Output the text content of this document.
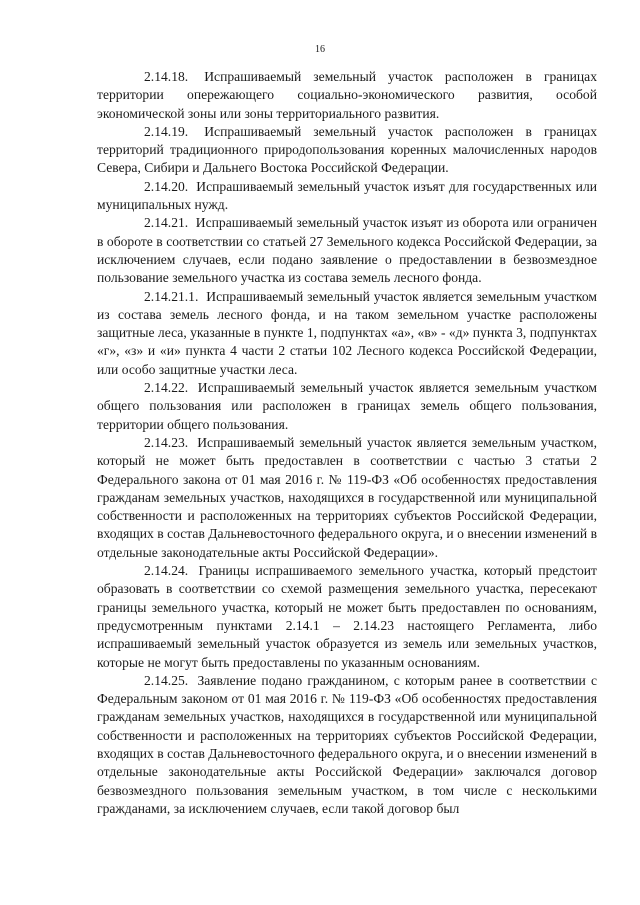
16

2.14.18. Испрашиваемый земельный участок расположен в границах территории опережающего социально-экономического развития, особой экономической зоны или зоны территориального развития.

2.14.19. Испрашиваемый земельный участок расположен в границах территорий традиционного природопользования коренных малочисленных народов Севера, Сибири и Дальнего Востока Российской Федерации.

2.14.20. Испрашиваемый земельный участок изъят для государственных или муниципальных нужд.

2.14.21. Испрашиваемый земельный участок изъят из оборота или ограничен в обороте в соответствии со статьей 27 Земельного кодекса Российской Федерации, за исключением случаев, если подано заявление о предоставлении в безвозмездное пользование земельного участка из состава земель лесного фонда.

2.14.21.1. Испрашиваемый земельный участок является земельным участком из состава земель лесного фонда, и на таком земельном участке расположены защитные леса, указанные в пункте 1, подпунктах «а», «в» - «д» пункта 3, подпунктах «г», «з» и «и» пункта 4 части 2 статьи 102 Лесного кодекса Российской Федерации, или особо защитные участки леса.

2.14.22. Испрашиваемый земельный участок является земельным участком общего пользования или расположен в границах земель общего пользования, территории общего пользования.

2.14.23. Испрашиваемый земельный участок является земельным участком, который не может быть предоставлен в соответствии с частью 3 статьи 2 Федерального закона от 01 мая 2016 г. № 119-ФЗ «Об особенностях предоставления гражданам земельных участков, находящихся в государственной или муниципальной собственности и расположенных на территориях субъектов Российской Федерации, входящих в состав Дальневосточного федерального округа, и о внесении изменений в отдельные законодательные акты Российской Федерации».

2.14.24. Границы испрашиваемого земельного участка, который предстоит образовать в соответствии со схемой размещения земельного участка, пересекают границы земельного участка, который не может быть предоставлен по основаниям, предусмотренным пунктами 2.14.1 – 2.14.23 настоящего Регламента, либо испрашиваемый земельный участок образуется из земель или земельных участков, которые не могут быть предоставлены по указанным основаниям.

2.14.25. Заявление подано гражданином, с которым ранее в соответствии с Федеральным законом от 01 мая 2016 г. № 119-ФЗ «Об особенностях предоставления гражданам земельных участков, находящихся в государственной или муниципальной собственности и расположенных на территориях субъектов Российской Федерации, входящих в состав Дальневосточного федерального округа, и о внесении изменений в отдельные законодательные акты Российской Федерации» заключался договор безвозмездного пользования земельным участком, в том числе с несколькими гражданами, за исключением случаев, если такой договор был
